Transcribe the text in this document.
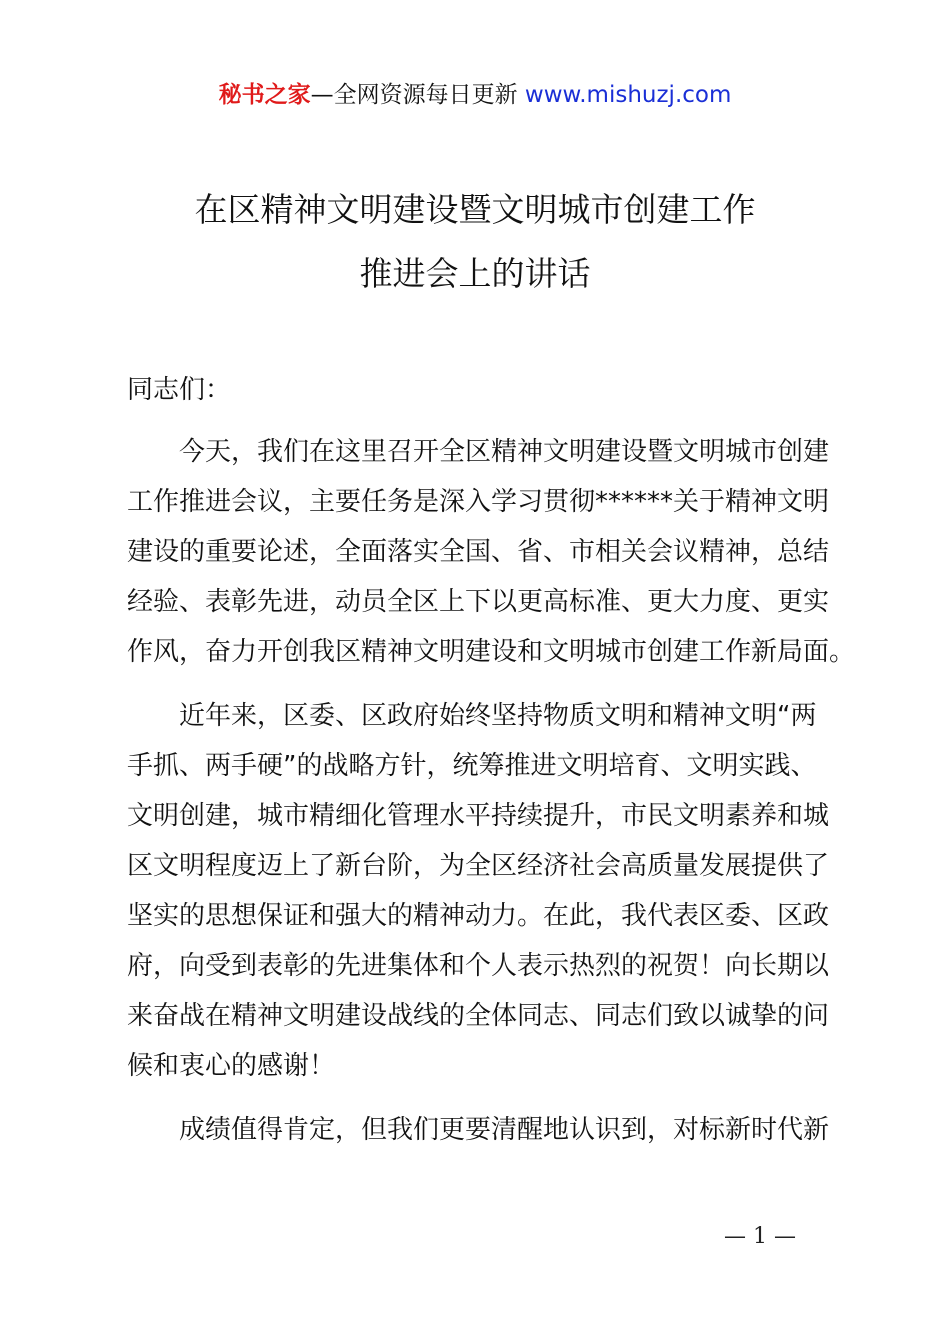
秘书之家—全网资源每日更新 www.mishuzj.com
在区精神文明建设暨文明城市创建工作
推进会上的讲话
同志们：
今天，我们在这里召开全区精神文明建设暨文明城市创建
工作推进会议，主要任务是深入学习贯彻******关于精神文明
建设的重要论述，全面落实全国、省、市相关会议精神，总结
经验、表彰先进，动员全区上下以更高标准、更大力度、更实
作风，奋力开创我区精神文明建设和文明城市创建工作新局面。
近年来，区委、区政府始终坚持物质文明和精神文明“两
手抓、两手硬”的战略方针，统筹推进文明培育、文明实践、
文明创建，城市精细化管理水平持续提升，市民文明素养和城
区文明程度迈上了新台阶，为全区经济社会高质量发展提供了
坚实的思想保证和强大的精神动力。在此，我代表区委、区政
府，向受到表彰的先进集体和个人表示热烈的祝贺！向长期以
来奋战在精神文明建设战线的全体同志、同志们致以诚挚的问
候和衷心的感谢！
成绩值得肯定，但我们更要清醒地认识到，对标新时代新
— 1 —
